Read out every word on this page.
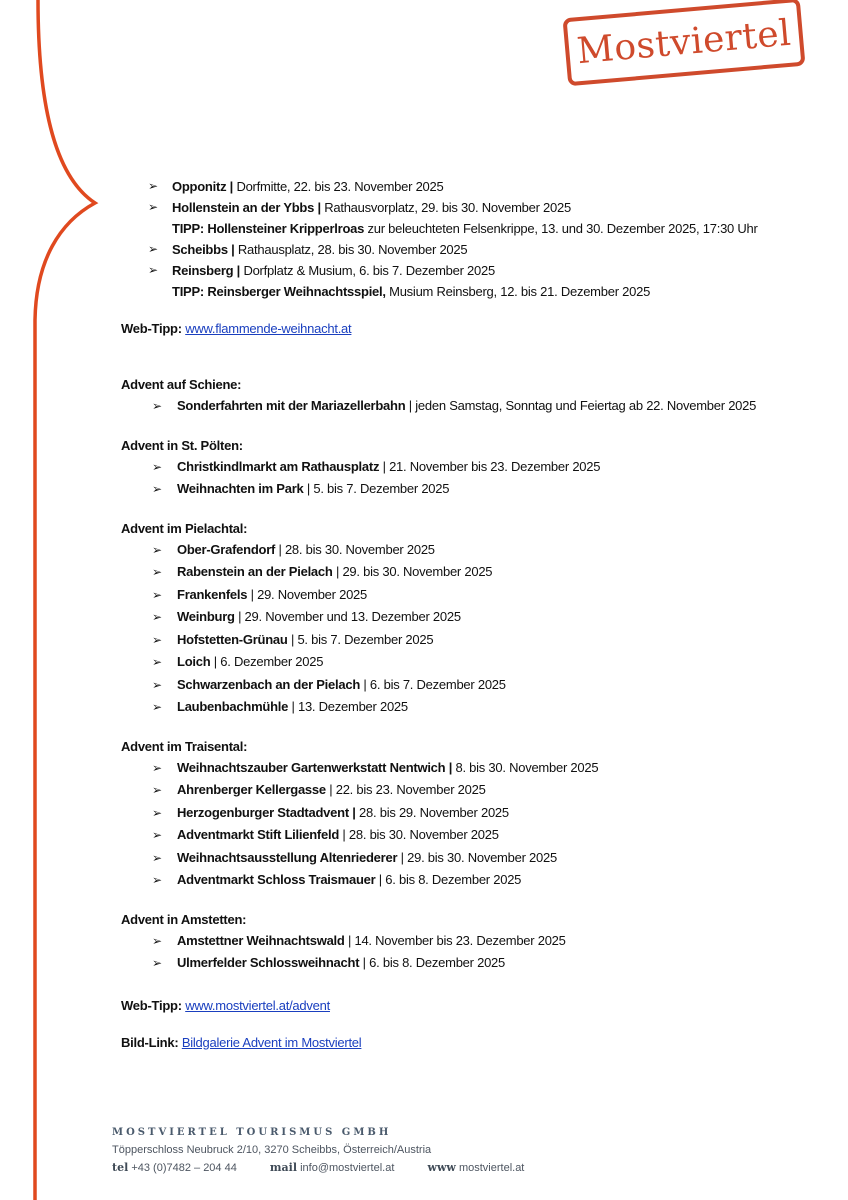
Mostviertel
➢ Opponitz | Dorfmitte, 22. bis 23. November 2025
➢ Hollenstein an der Ybbs | Rathausvorplatz, 29. bis 30. November 2025
TIPP: Hollensteiner Kripperlroas zur beleuchteten Felsenkrippe, 13. und 30. Dezember 2025, 17:30 Uhr
➢ Scheibbs | Rathausplatz, 28. bis 30. November 2025
➢ Reinsberg | Dorfplatz & Musium, 6. bis 7. Dezember 2025
TIPP: Reinsberger Weihnachtsspiel, Musium Reinsberg, 12. bis 21. Dezember 2025
Web-Tipp: www.flammende-weihnacht.at
Advent auf Schiene:
➢ Sonderfahrten mit der Mariazellerbahn | jeden Samstag, Sonntag und Feiertag ab 22. November 2025
Advent in St. Pölten:
➢ Christkindlmarkt am Rathausplatz | 21. November bis 23. Dezember 2025
➢ Weihnachten im Park | 5. bis 7. Dezember 2025
Advent im Pielachtal:
➢ Ober-Grafendorf | 28. bis 30. November 2025
➢ Rabenstein an der Pielach | 29. bis 30. November 2025
➢ Frankenfels | 29. November 2025
➢ Weinburg | 29. November und 13. Dezember 2025
➢ Hofstetten-Grünau | 5. bis 7. Dezember 2025
➢ Loich | 6. Dezember 2025
➢ Schwarzenbach an der Pielach | 6. bis 7. Dezember 2025
➢ Laubenbachmühle | 13. Dezember 2025
Advent im Traisental:
➢ Weihnachtszauber Gartenwerkstatt Nentwich | 8. bis 30. November 2025
➢ Ahrenberger Kellergasse | 22. bis 23. November 2025
➢ Herzogenburger Stadtadvent | 28. bis 29. November 2025
➢ Adventmarkt Stift Lilienfeld | 28. bis 30. November 2025
➢ Weihnachtsausstellung Altenriederer | 29. bis 30. November 2025
➢ Adventmarkt Schloss Traismauer | 6. bis 8. Dezember 2025
Advent in Amstetten:
➢ Amstettner Weihnachtswald | 14. November bis 23. Dezember 2025
➢ Ulmerfelder Schlossweihnacht | 6. bis 8. Dezember 2025
Web-Tipp: www.mostviertel.at/advent
Bild-Link: Bildgalerie Advent im Mostviertel
MOSTVIERTEL TOURISMUS GMBH
Töpperschloss Neubruck 2/10, 3270 Scheibbs, Österreich/Austria
tel +43 (0)7482 – 204 44	mail info@mostviertel.at	www mostviertel.at
